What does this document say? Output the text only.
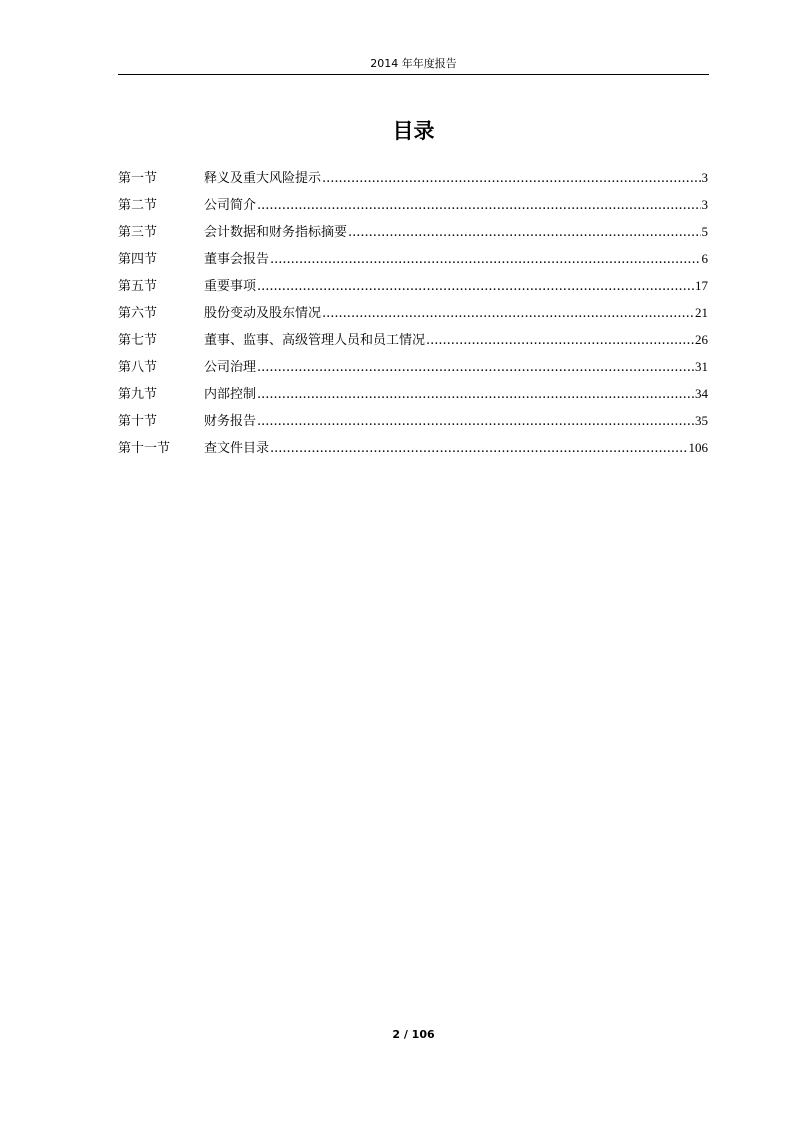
2014 年年度报告
目录
第一节	释义及重大风险提示 .....	3
第二节	公司简介 .....	3
第三节	会计数据和财务指标摘要 .....	5
第四节	董事会报告 .....	6
第五节	重要事项 .....	17
第六节	股份变动及股东情况 .....	21
第七节	董事、监事、高级管理人员和员工情况 .....	26
第八节	公司治理 .....	31
第九节	内部控制 .....	34
第十节	财务报告 .....	35
第十一节	查文件目录 .....	106
2 / 106
